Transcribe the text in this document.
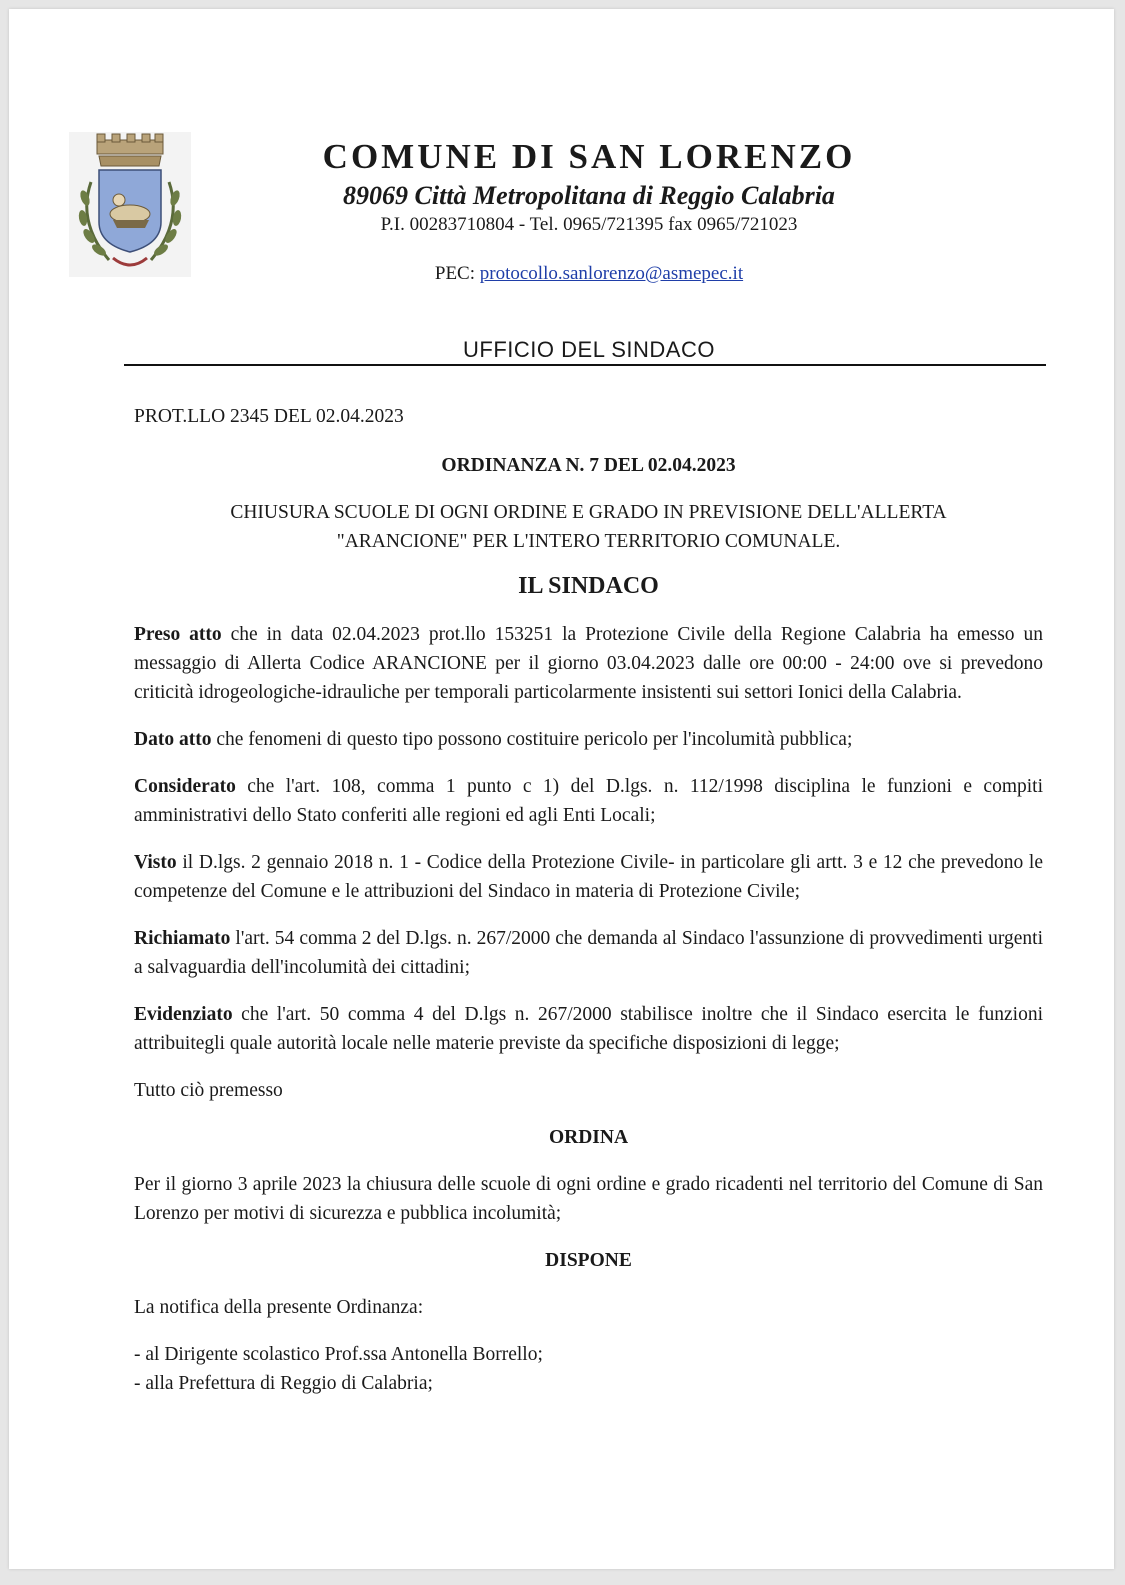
COMUNE DI SAN LORENZO
89069 Città Metropolitana di Reggio Calabria
P.I. 00283710804 - Tel. 0965/721395 fax 0965/721023
PEC: protocollo.sanlorenzo@asmepec.it
UFFICIO DEL SINDACO

PROT.LLO 2345 DEL 02.04.2023

ORDINANZA N. 7 DEL 02.04.2023

CHIUSURA SCUOLE DI OGNI ORDINE E GRADO IN PREVISIONE DELL'ALLERTA
"ARANCIONE" PER L'INTERO TERRITORIO COMUNALE.

IL SINDACO

Preso atto che in data 02.04.2023 prot.llo 153251 la Protezione Civile della Regione Calabria ha emesso un messaggio di Allerta Codice ARANCIONE per il giorno 03.04.2023 dalle ore 00:00 - 24:00 ove si prevedono criticità idrogeologiche-idrauliche per temporali particolarmente insistenti sui settori Ionici della Calabria.

Dato atto che fenomeni di questo tipo possono costituire pericolo per l'incolumità pubblica;

Considerato che l'art. 108, comma 1 punto c 1) del D.lgs. n. 112/1998 disciplina le funzioni e compiti amministrativi dello Stato conferiti alle regioni ed agli Enti Locali;

Visto il D.lgs. 2 gennaio 2018 n. 1 - Codice della Protezione Civile- in particolare gli artt. 3 e 12 che prevedono le competenze del Comune e le attribuzioni del Sindaco in materia di Protezione Civile;

Richiamato l'art. 54 comma 2 del D.lgs. n. 267/2000 che demanda al Sindaco l'assunzione di provvedimenti urgenti a salvaguardia dell'incolumità dei cittadini;

Evidenziato che l'art. 50 comma 4 del D.lgs n. 267/2000 stabilisce inoltre che il Sindaco esercita le funzioni attribuitegli quale autorità locale nelle materie previste da specifiche disposizioni di legge;

Tutto ciò premesso

ORDINA

Per il giorno 3 aprile 2023 la chiusura delle scuole di ogni ordine e grado ricadenti nel territorio del Comune di San Lorenzo per motivi di sicurezza e pubblica incolumità;

DISPONE

La notifica della presente Ordinanza:

- al Dirigente scolastico Prof.ssa Antonella Borrello;
- alla Prefettura di Reggio di Calabria;
